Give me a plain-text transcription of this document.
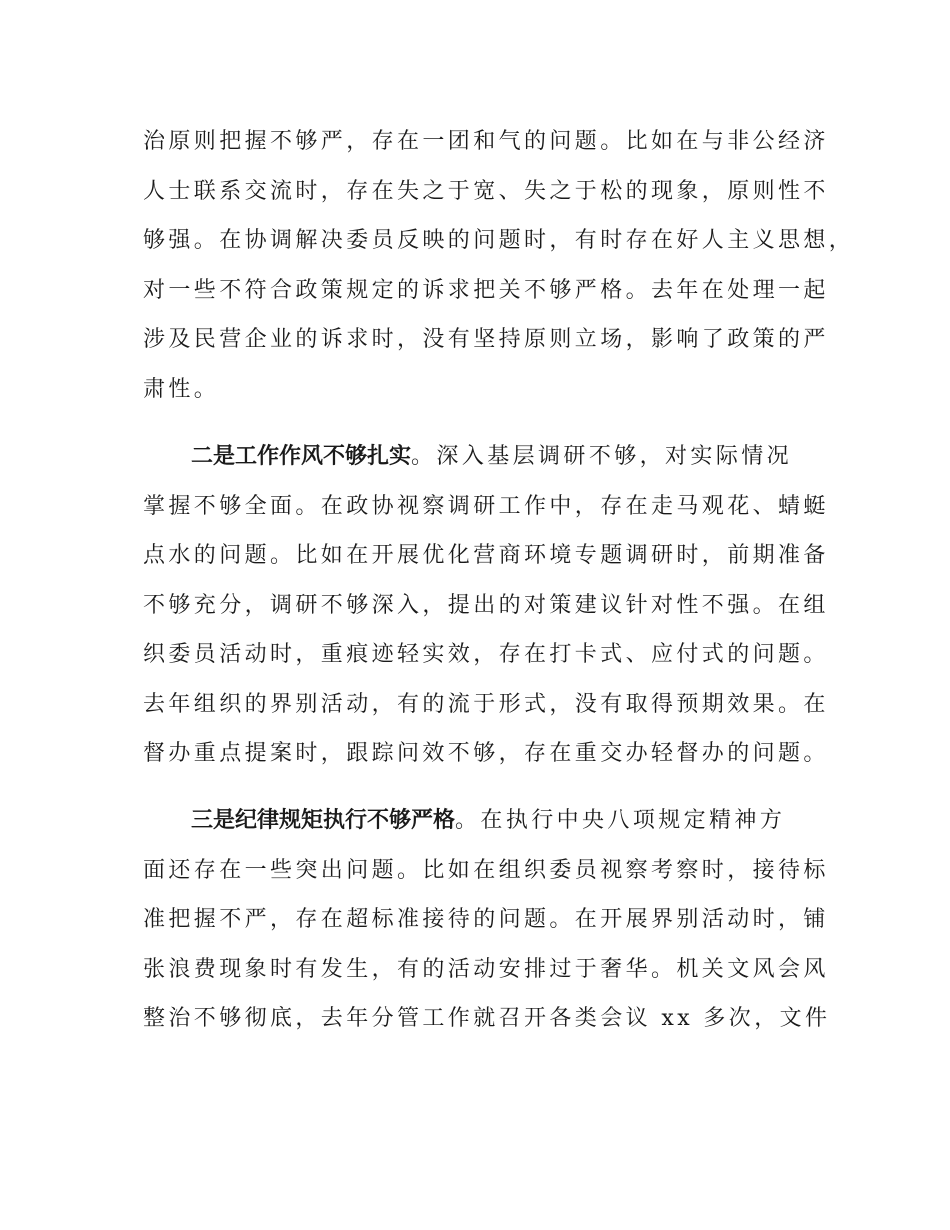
治原则把握不够严，存在一团和气的问题。比如在与非公经济
人士联系交流时，存在失之于宽、失之于松的现象，原则性不
够强。在协调解决委员反映的问题时，有时存在好人主义思想，
对一些不符合政策规定的诉求把关不够严格。去年在处理一起
涉及民营企业的诉求时，没有坚持原则立场，影响了政策的严
肃性。
二是工作作风不够扎实。深入基层调研不够，对实际情况
掌握不够全面。在政协视察调研工作中，存在走马观花、蜻蜓
点水的问题。比如在开展优化营商环境专题调研时，前期准备
不够充分，调研不够深入，提出的对策建议针对性不强。在组
织委员活动时，重痕迹轻实效，存在打卡式、应付式的问题。
去年组织的界别活动，有的流于形式，没有取得预期效果。在
督办重点提案时，跟踪问效不够，存在重交办轻督办的问题。
三是纪律规矩执行不够严格。在执行中央八项规定精神方
面还存在一些突出问题。比如在组织委员视察考察时，接待标
准把握不严，存在超标准接待的问题。在开展界别活动时，铺
张浪费现象时有发生，有的活动安排过于奢华。机关文风会风
整治不够彻底，去年分管工作就召开各类会议 xx 多次，文件
